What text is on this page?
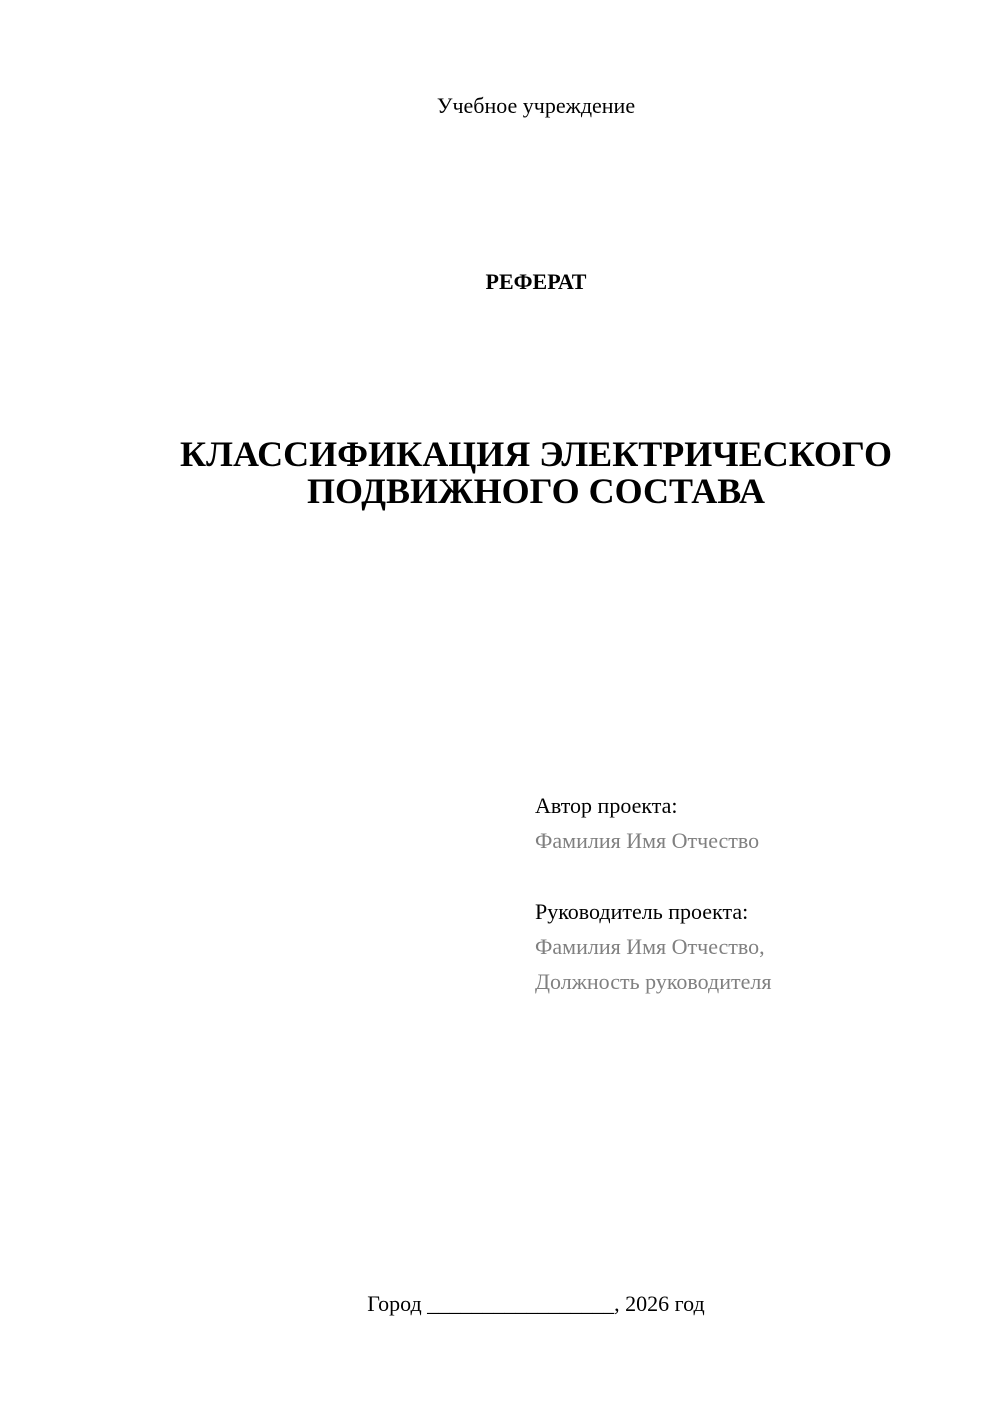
Учебное учреждение
РЕФЕРАТ
КЛАССИФИКАЦИЯ ЭЛЕКТРИЧЕСКОГО
ПОДВИЖНОГО СОСТАВА
Автор проекта:
Фамилия Имя Отчество
Руководитель проекта:
Фамилия Имя Отчество,
Должность руководителя
Город _________________, 2026 год
